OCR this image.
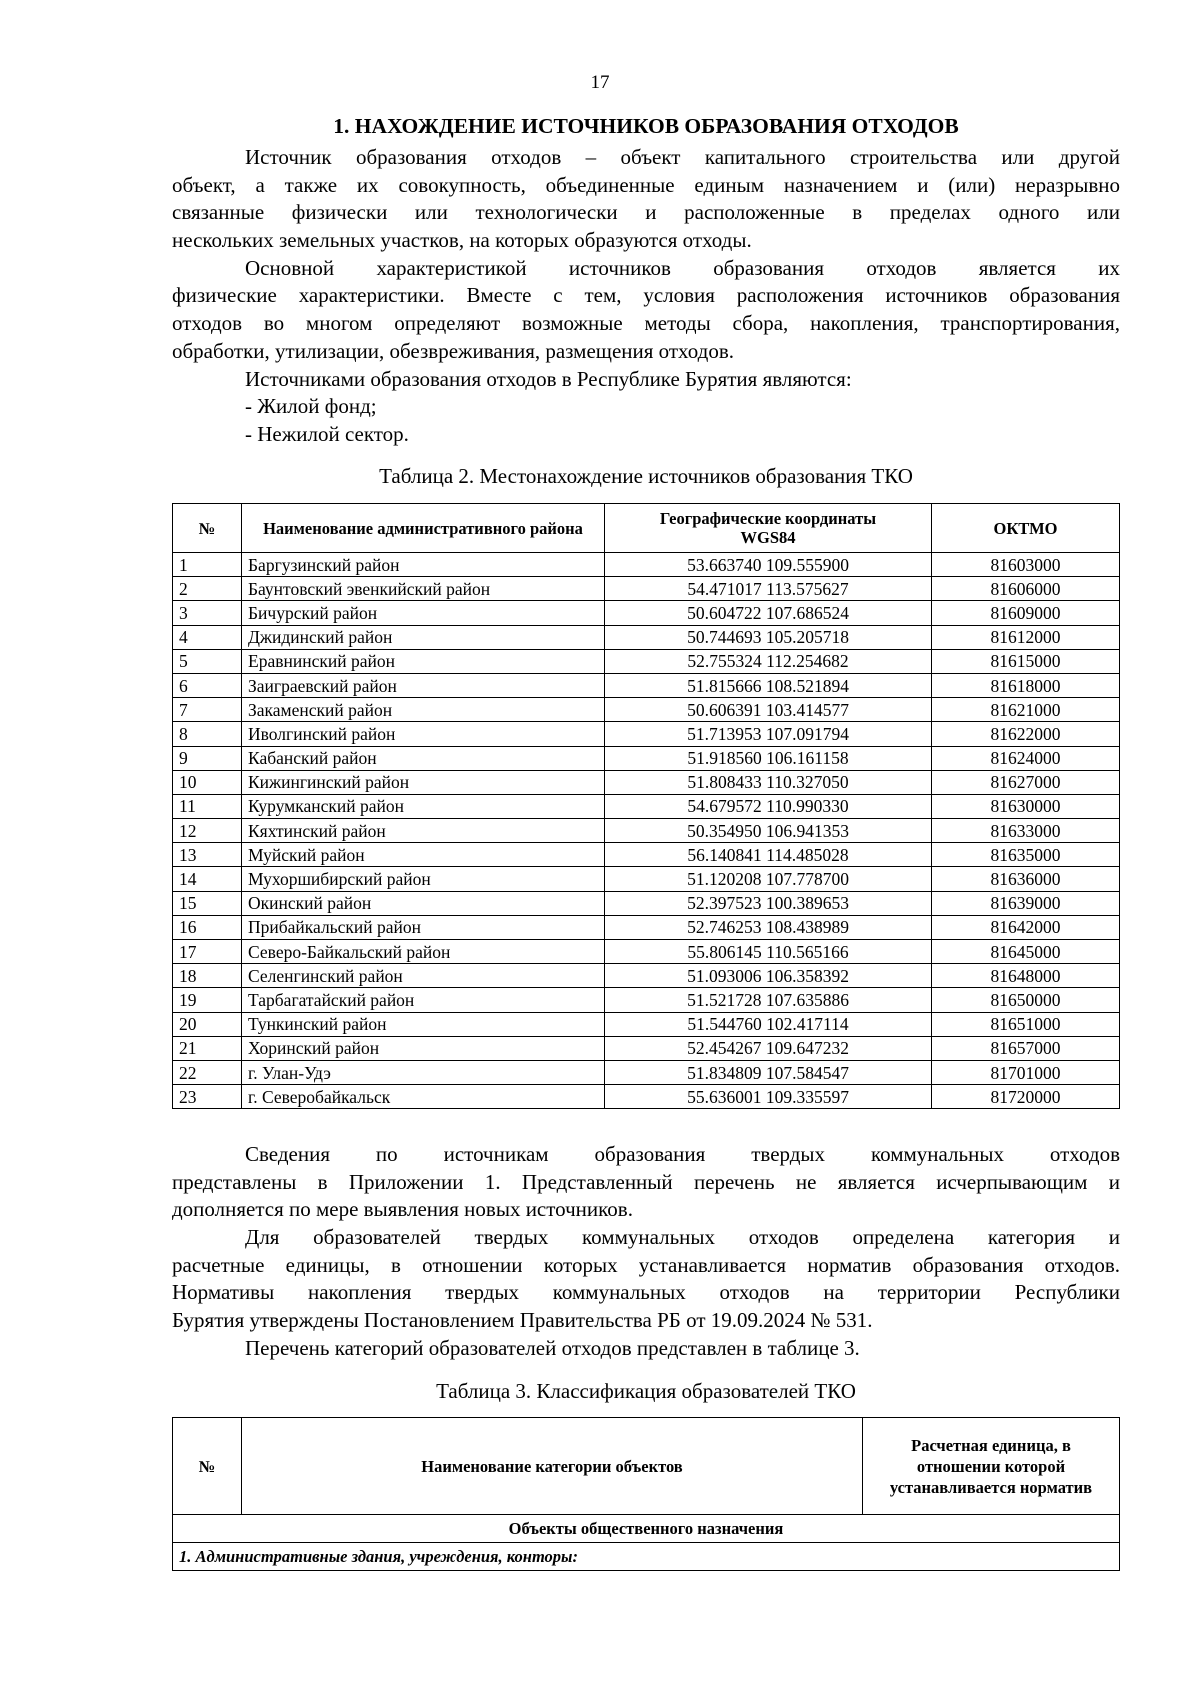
17
1. НАХОЖДЕНИЕ ИСТОЧНИКОВ ОБРАЗОВАНИЯ ОТХОДОВ
Источник образования отходов – объект капитального строительства или другой
объект, а также их совокупность, объединенные единым назначением и (или) неразрывно
связанные физически или технологически и расположенные в пределах одного или
нескольких земельных участков, на которых образуются отходы.
Основной характеристикой источников образования отходов является их
физические характеристики. Вместе с тем, условия расположения источников образования
отходов во многом определяют возможные методы сбора, накопления, транспортирования,
обработки, утилизации, обезвреживания, размещения отходов.
Источниками образования отходов в Республике Бурятия являются:
- Жилой фонд;
- Нежилой сектор.
Таблица 2. Местонахождение источников образования ТКО
№	Наименование административного района	Географические координаты WGS84	ОКТМО
1	Баргузинский район	53.663740 109.555900	81603000
2	Баунтовский эвенкийский район	54.471017 113.575627	81606000
3	Бичурский район	50.604722 107.686524	81609000
4	Джидинский район	50.744693 105.205718	81612000
5	Еравнинский район	52.755324 112.254682	81615000
6	Заиграевский район	51.815666 108.521894	81618000
7	Закаменский район	50.606391 103.414577	81621000
8	Иволгинский район	51.713953 107.091794	81622000
9	Кабанский район	51.918560 106.161158	81624000
10	Кижингинский район	51.808433 110.327050	81627000
11	Курумканский район	54.679572 110.990330	81630000
12	Кяхтинский район	50.354950 106.941353	81633000
13	Муйский район	56.140841 114.485028	81635000
14	Мухоршибирский район	51.120208 107.778700	81636000
15	Окинский район	52.397523 100.389653	81639000
16	Прибайкальский район	52.746253 108.438989	81642000
17	Северо-Байкальский район	55.806145 110.565166	81645000
18	Селенгинский район	51.093006 106.358392	81648000
19	Тарбагатайский район	51.521728 107.635886	81650000
20	Тункинский район	51.544760 102.417114	81651000
21	Хоринский район	52.454267 109.647232	81657000
22	г. Улан-Удэ	51.834809 107.584547	81701000
23	г. Северобайкальск	55.636001 109.335597	81720000
Сведения по источникам образования твердых коммунальных отходов
представлены в Приложении 1. Представленный перечень не является исчерпывающим и
дополняется по мере выявления новых источников.
Для образователей твердых коммунальных отходов определена категория и
расчетные единицы, в отношении которых устанавливается норматив образования отходов.
Нормативы накопления твердых коммунальных отходов на территории Республики
Бурятия утверждены Постановлением Правительства РБ от 19.09.2024 № 531.
Перечень категорий образователей отходов представлен в таблице 3.
Таблица 3. Классификация образователей ТКО
№	Наименование категории объектов	Расчетная единица, в отношении которой устанавливается норматив
Объекты общественного назначения
1. Административные здания, учреждения, конторы:
